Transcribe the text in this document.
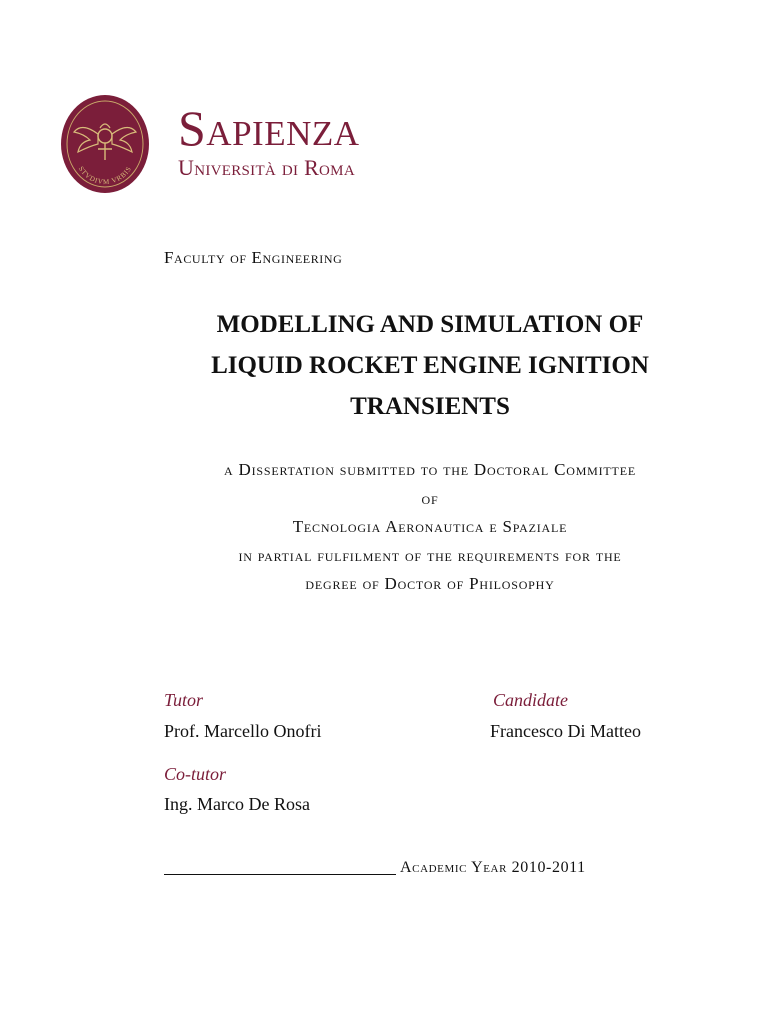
STVDIVM VRBIS
Sapienza
Università di Roma
Faculty of Engineering
MODELLING AND SIMULATION OF
LIQUID ROCKET ENGINE IGNITION
TRANSIENTS
a Dissertation submitted to the Doctoral Committee
of
Tecnologia Aeronautica e Spaziale
in partial fulfilment of the requirements for the
degree of Doctor of Philosophy
Tutor
Prof. Marcello Onofri
Candidate
Francesco Di Matteo
Co-tutor
Ing. Marco De Rosa
Academic Year 2010-2011
